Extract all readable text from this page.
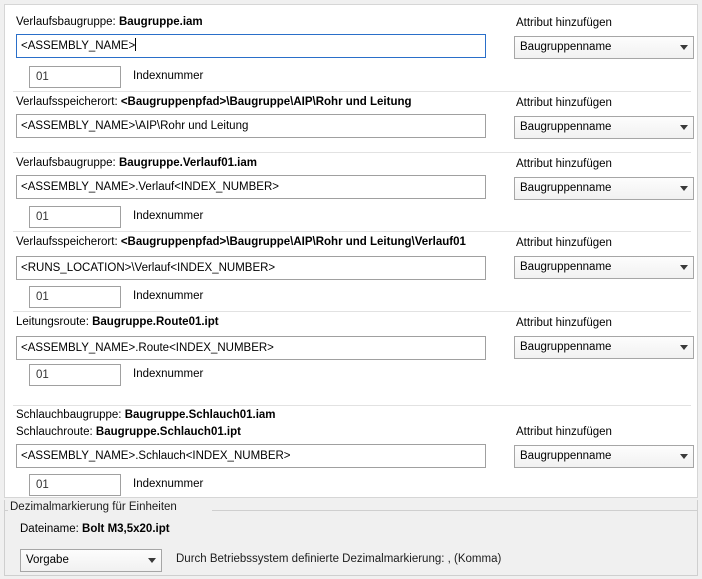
Verlaufsbaugruppe: Baugruppe.iam
<ASSEMBLY_NAME>
Attribut hinzufügen
Baugruppenname
01	Indexnummer
Verlaufsspeicherort: <Baugruppenpfad>\Baugruppe\AIP\Rohr und Leitung
<ASSEMBLY_NAME>\AIP\Rohr und Leitung
Attribut hinzufügen
Baugruppenname
Verlaufsbaugruppe: Baugruppe.Verlauf01.iam
<ASSEMBLY_NAME>.Verlauf<INDEX_NUMBER>
Attribut hinzufügen
Baugruppenname
01	Indexnummer
Verlaufsspeicherort: <Baugruppenpfad>\Baugruppe\AIP\Rohr und Leitung\Verlauf01
<RUNS_LOCATION>\Verlauf<INDEX_NUMBER>
Attribut hinzufügen
Baugruppenname
01	Indexnummer
Leitungsroute: Baugruppe.Route01.ipt
<ASSEMBLY_NAME>.Route<INDEX_NUMBER>
Attribut hinzufügen
Baugruppenname
01	Indexnummer
Schlauchbaugruppe: Baugruppe.Schlauch01.iam
Schlauchroute: Baugruppe.Schlauch01.ipt
<ASSEMBLY_NAME>.Schlauch<INDEX_NUMBER>
Attribut hinzufügen
Baugruppenname
01	Indexnummer
Dezimalmarkierung für Einheiten
Dateiname: Bolt M3,5x20.ipt
Vorgabe	Durch Betriebssystem definierte Dezimalmarkierung: , (Komma)
